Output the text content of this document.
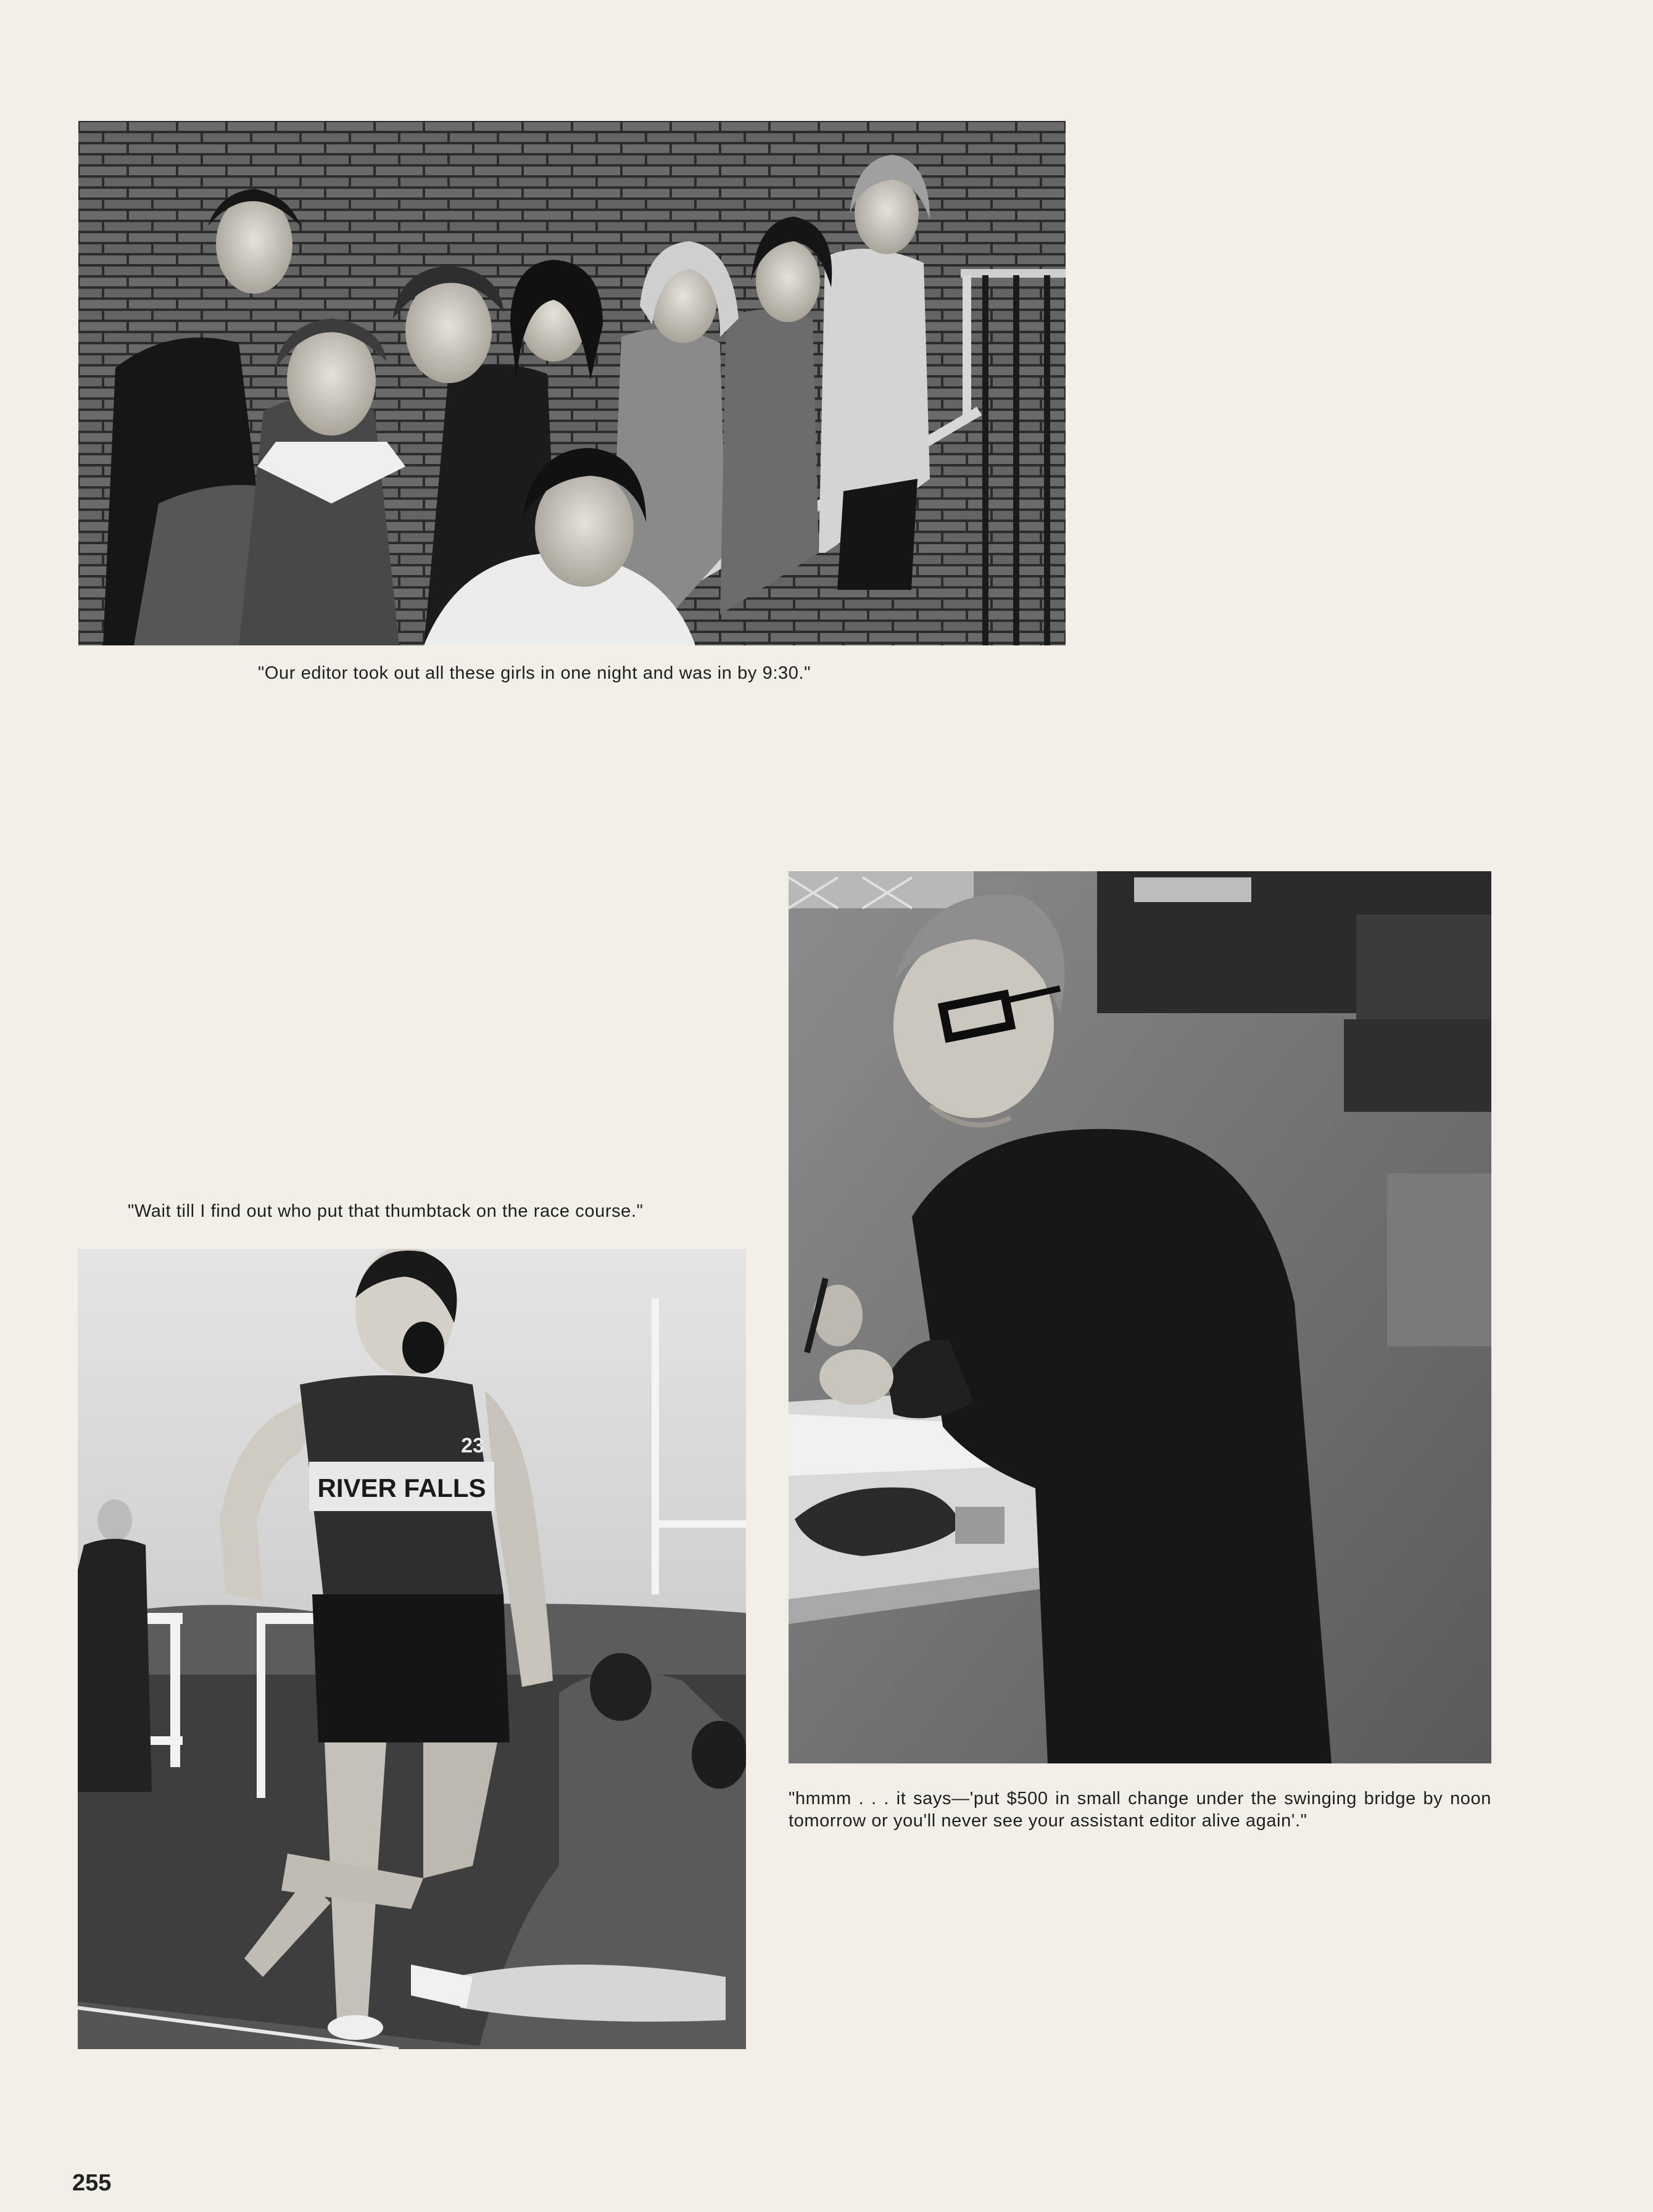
"Our editor took out all these girls in one night and was in by 9:30."
"hmmm . . . it says—'put $500 in small change under the swinging bridge by noon tomorrow or you'll never see your assistant editor alive again'."
"Wait till I find out who put that thumbtack on the race course."
RIVER FALLS
23
255
